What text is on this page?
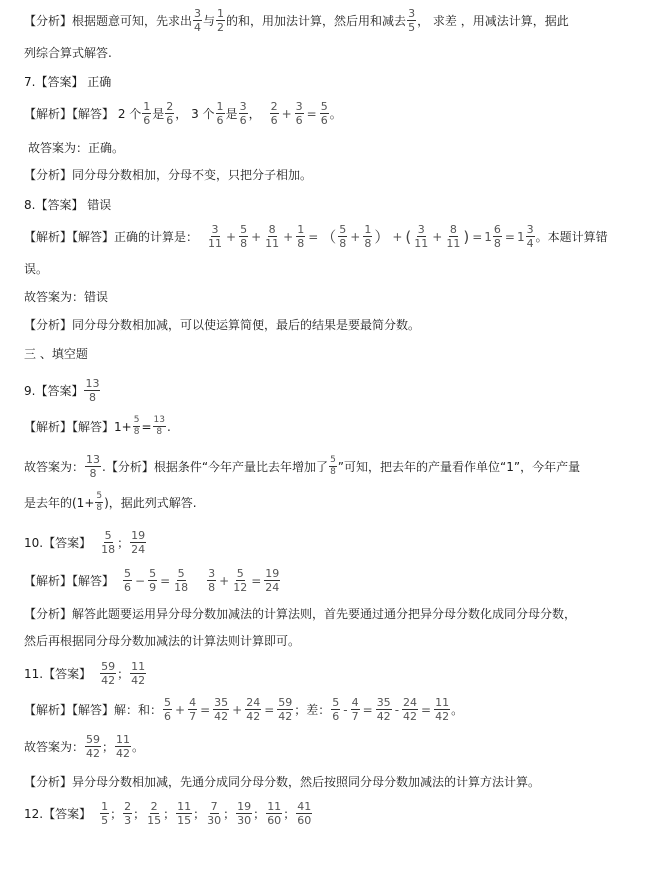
【分析】 根据题意可知，先求出 $\frac{3}{4}$ 与 $\frac{1}{2}$ 的和，用加法计算，然后用和减去 $\frac{3}{5}$ ， 求差 ，用减法计算，据此
列综合算式解答.
7.【答案】 正确
【解析】【解答】 2 个 $\frac{1}{6}$ 是 $\frac{2}{6}$ ， 3 个 $\frac{1}{6}$ 是 $\frac{3}{6}$ ， $\frac{2}{6} + \frac{3}{6} = \frac{5}{6}$ 。
故答案为：正确。
【分析】同分母分数相加，分母不变，只把分子相加。
8.【答案】 错误
【解析】【解答】正确的计算是： $\frac{3}{11} + \frac{5}{8} + \frac{8}{11} + \frac{1}{8}$ = （ $\frac{5}{8} + \frac{1}{8}$ ） + ( $\frac{3}{11} + \frac{8}{11}$ ) = $1 \frac{6}{8} = 1 \frac{3}{4}$ 。本题计算错
误。
故答案为：错误
【分析】同分母分数相加减，可以使运算简便，最后的结果是要最简分数。
三 、填空题
9.【答案】 $\frac{13}{8}$
【解析】【解答】$1+ \frac{5}{8} = \frac{13}{8}$ .
故答案为： $\frac{13}{8}$ .【分析】根据条件“今年产量比去年增加了 $\frac{5}{8}$ ”可知，把去年的产量看作单位“1”，今年产量
是去年的($1+ \frac{5}{8}$ )，据此列式解答.
10.【答案】 $\frac{5}{18}$ ； $\frac{19}{24}$
【解析】【解答】 $\frac{5}{6} - \frac{5}{9} = \frac{5}{18} \frac{3}{8} + \frac{5}{12} = \frac{19}{24}$
【分析】解答此题要运用异分母分数加减法的计算法则，首先要通过通分把异分母分数化成同分母分数，
然后再根据同分母分数加减法的计算法则计算即可。
11.【答案】 $\frac{59}{42}$ ； $\frac{11}{42}$
【解析】【解答】解：和： $\frac{5}{6} + \frac{4}{7} = \frac{35}{42} + \frac{24}{42} = \frac{59}{42}$ ；差： $\frac{5}{6} - \frac{4}{7} = \frac{35}{42} - \frac{24}{42} = \frac{11}{42}$ 。
故答案为： $\frac{59}{42}$ ； $\frac{11}{42}$ 。
【分析】异分母分数相加减，先通分成同分母分数，然后按照同分母分数加减法的计算方法计算。
12.【答案】 $\frac{1}{5}$ ； $\frac{2}{3}$ ； $\frac{2}{15}$ ； $\frac{11}{15}$ ； $\frac{7}{30}$ ； $\frac{19}{30}$ ； $\frac{11}{60}$ ； $\frac{41}{60}$
